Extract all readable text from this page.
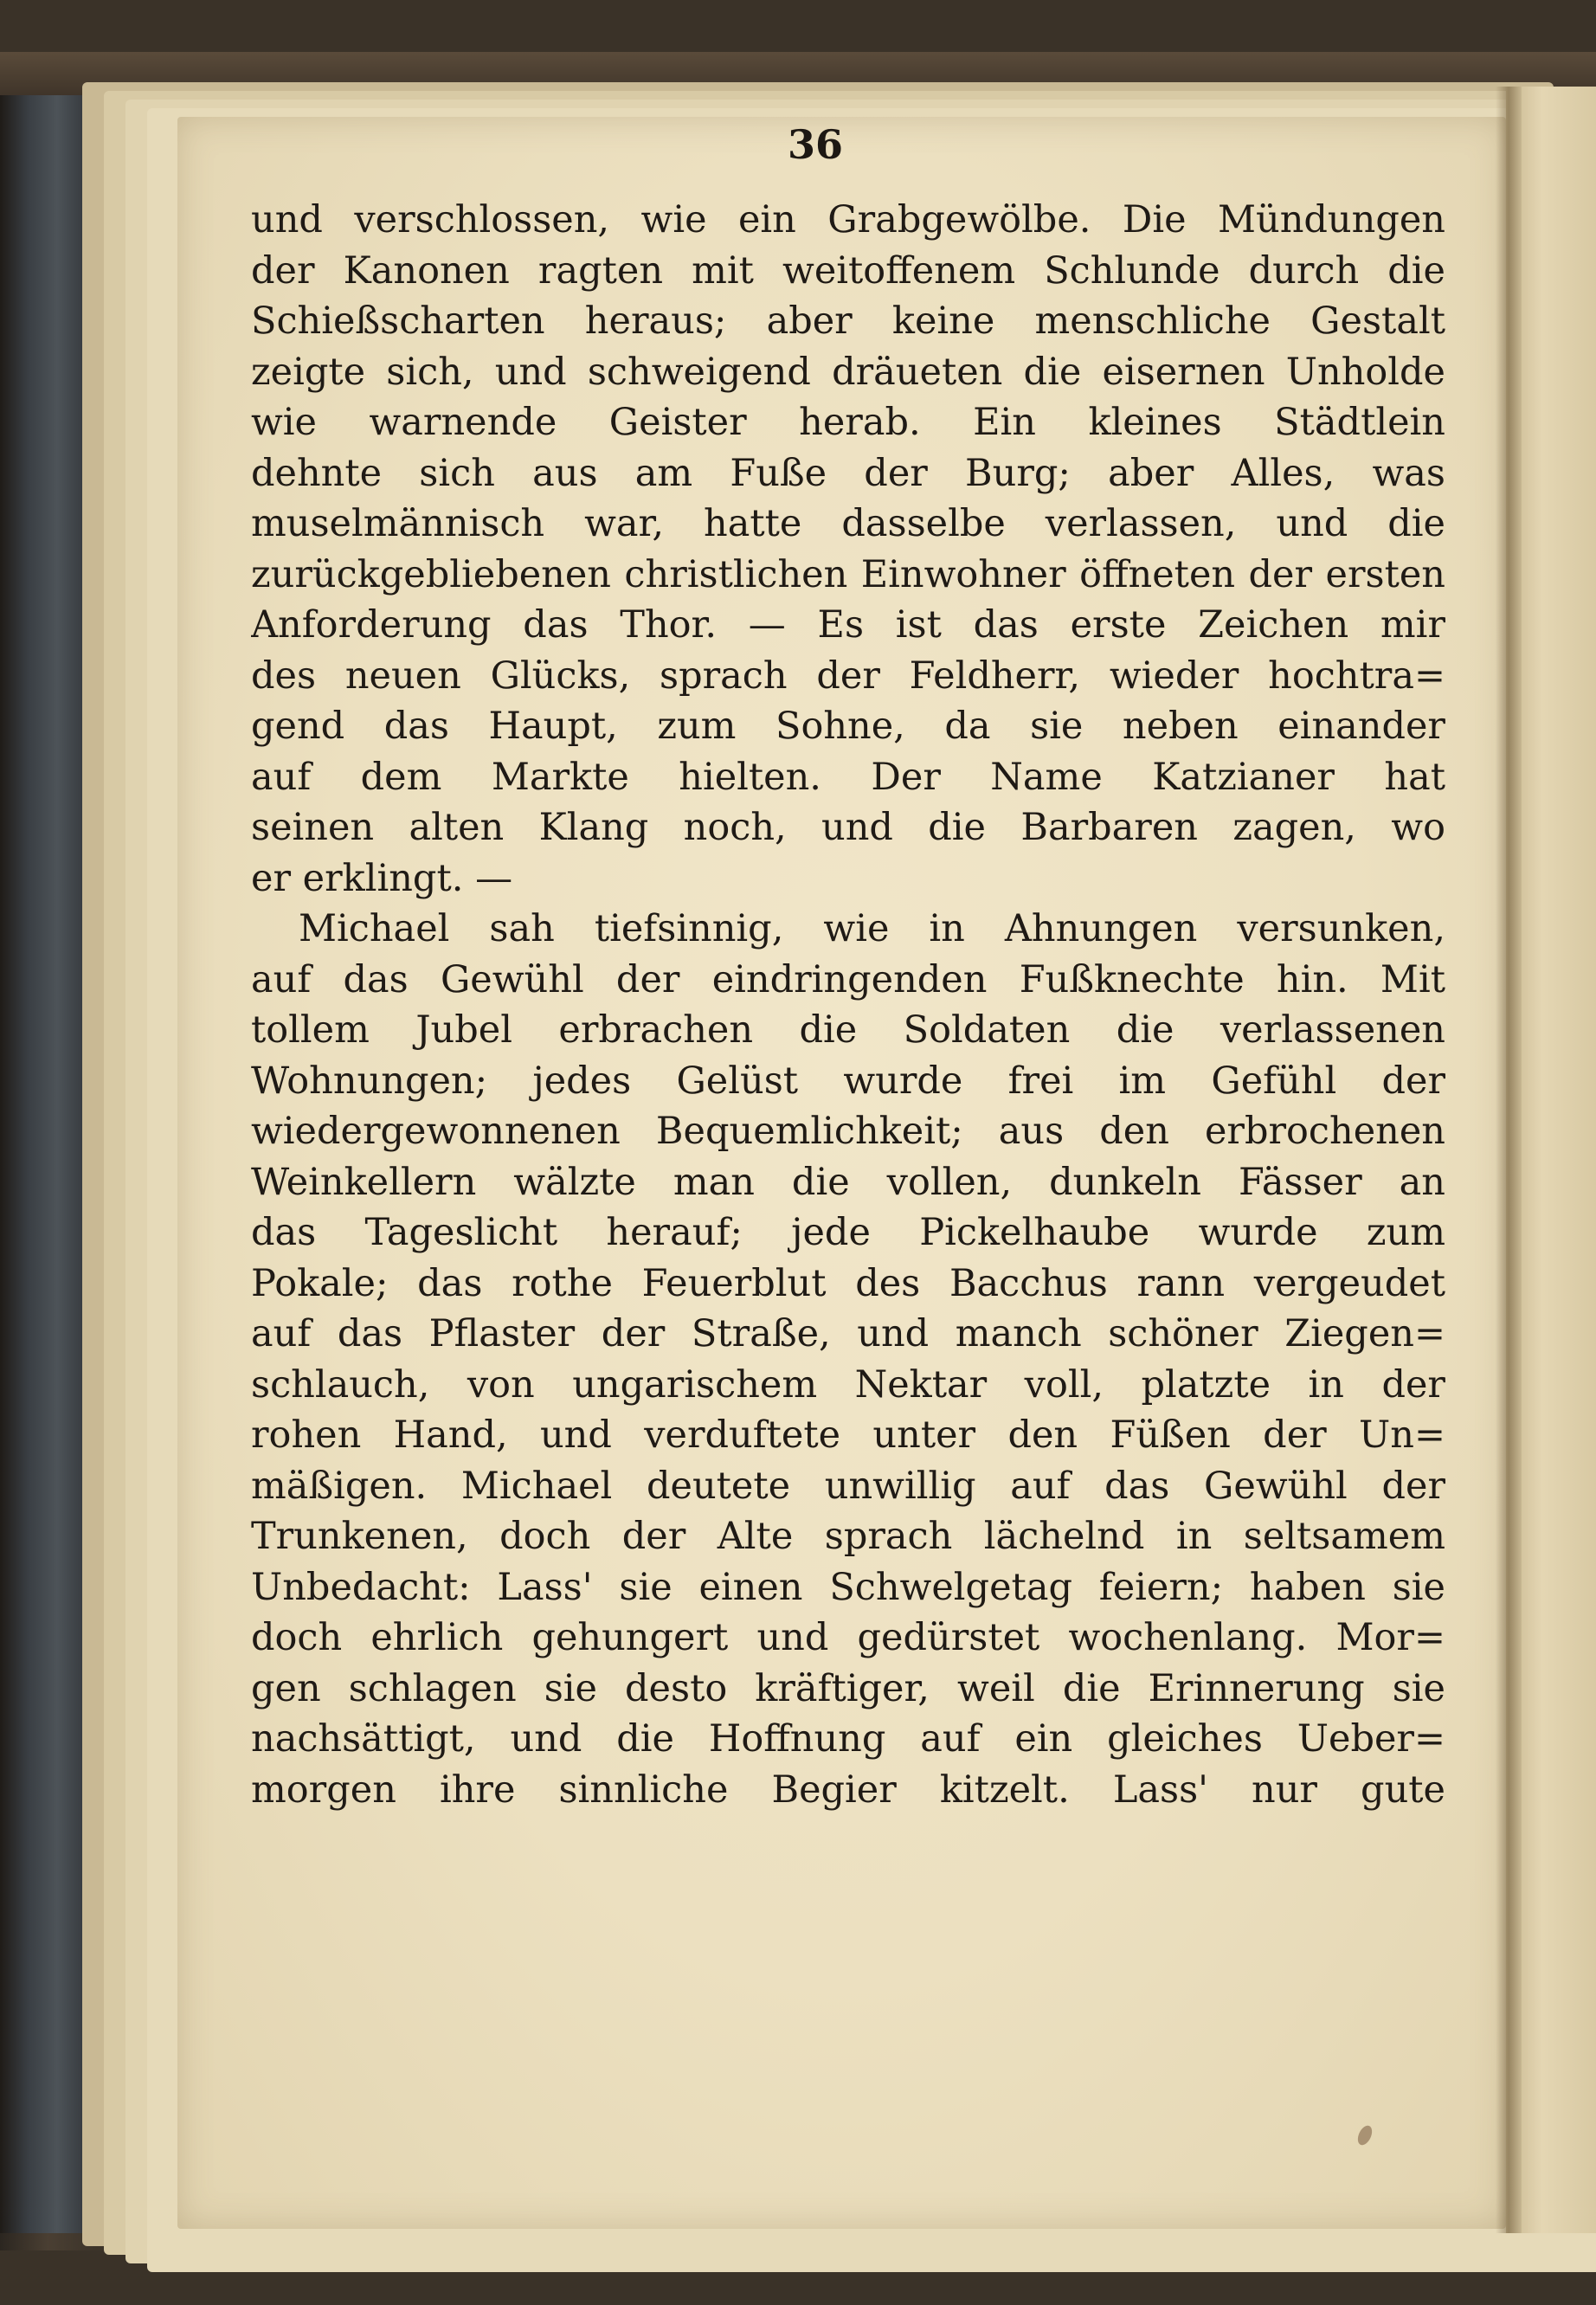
36
und verschlossen, wie ein Grabgewölbe. Die Mündungen
der Kanonen ragten mit weitoffenem Schlunde durch die
Schießscharten heraus; aber keine menschliche Gestalt
zeigte sich, und schweigend dräueten die eisernen Unholde
wie warnende Geister herab. Ein kleines Städtlein
dehnte sich aus am Fuße der Burg; aber Alles, was
muselmännisch war, hatte dasselbe verlassen, und die
zurückgebliebenen christlichen Einwohner öffneten der ersten
Anforderung das Thor. — Es ist das erste Zeichen mir
des neuen Glücks, sprach der Feldherr, wieder hochtra=
gend das Haupt, zum Sohne, da sie neben einander
auf dem Markte hielten. Der Name Katzianer hat
seinen alten Klang noch, und die Barbaren zagen, wo
er erklingt. —
Michael sah tiefsinnig, wie in Ahnungen versunken,
auf das Gewühl der eindringenden Fußknechte hin. Mit
tollem Jubel erbrachen die Soldaten die verlassenen
Wohnungen; jedes Gelüst wurde frei im Gefühl der
wiedergewonnenen Bequemlichkeit; aus den erbrochenen
Weinkellern wälzte man die vollen, dunkeln Fässer an
das Tageslicht herauf; jede Pickelhaube wurde zum
Pokale; das rothe Feuerblut des Bacchus rann vergeudet
auf das Pflaster der Straße, und manch schöner Ziegen=
schlauch, von ungarischem Nektar voll, platzte in der
rohen Hand, und verduftete unter den Füßen der Un=
mäßigen. Michael deutete unwillig auf das Gewühl der
Trunkenen, doch der Alte sprach lächelnd in seltsamem
Unbedacht: Lass' sie einen Schwelgetag feiern; haben sie
doch ehrlich gehungert und gedürstet wochenlang. Mor=
gen schlagen sie desto kräftiger, weil die Erinnerung sie
nachsättigt, und die Hoffnung auf ein gleiches Ueber=
morgen ihre sinnliche Begier kitzelt. Lass' nur gute
